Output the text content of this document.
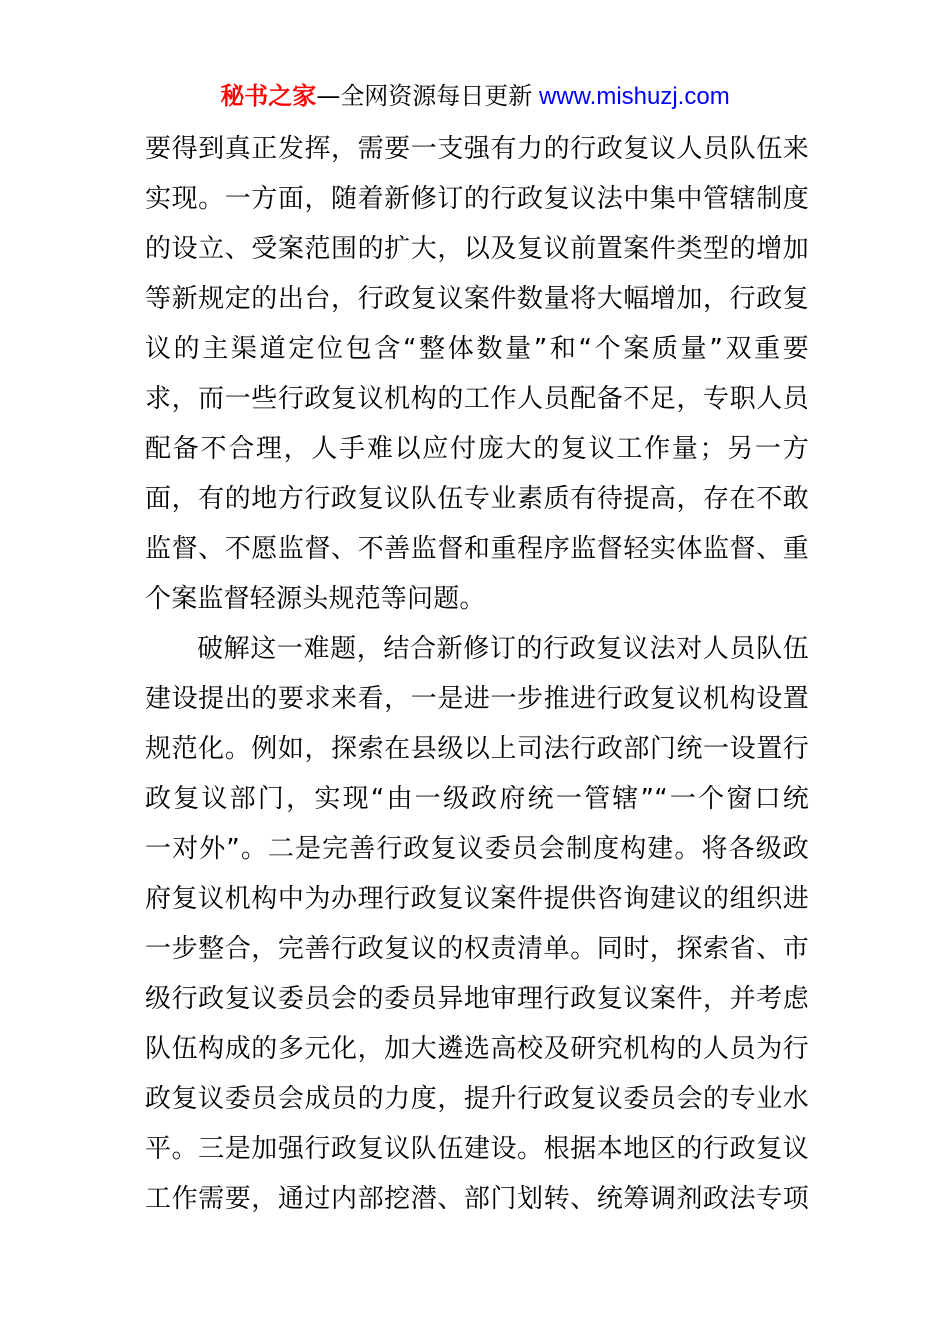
秘书之家—全网资源每日更新 www.mishuzj.com
要得到真正发挥，需要一支强有力的行政复议人员队伍来
实现。一方面，随着新修订的行政复议法中集中管辖制度
的设立、受案范围的扩大，以及复议前置案件类型的增加
等新规定的出台，行政复议案件数量将大幅增加，行政复
议的主渠道定位包含“整体数量”和“个案质量”双重要
求，而一些行政复议机构的工作人员配备不足，专职人员
配备不合理，人手难以应付庞大的复议工作量；另一方
面，有的地方行政复议队伍专业素质有待提高，存在不敢
监督、不愿监督、不善监督和重程序监督轻实体监督、重
个案监督轻源头规范等问题。
破解这一难题，结合新修订的行政复议法对人员队伍
建设提出的要求来看，一是进一步推进行政复议机构设置
规范化。例如，探索在县级以上司法行政部门统一设置行
政复议部门，实现“由一级政府统一管辖”“一个窗口统
一对外”。二是完善行政复议委员会制度构建。将各级政
府复议机构中为办理行政复议案件提供咨询建议的组织进
一步整合，完善行政复议的权责清单。同时，探索省、市
级行政复议委员会的委员异地审理行政复议案件，并考虑
队伍构成的多元化，加大遴选高校及研究机构的人员为行
政复议委员会成员的力度，提升行政复议委员会的专业水
平。三是加强行政复议队伍建设。根据本地区的行政复议
工作需要，通过内部挖潜、部门划转、统筹调剂政法专项
